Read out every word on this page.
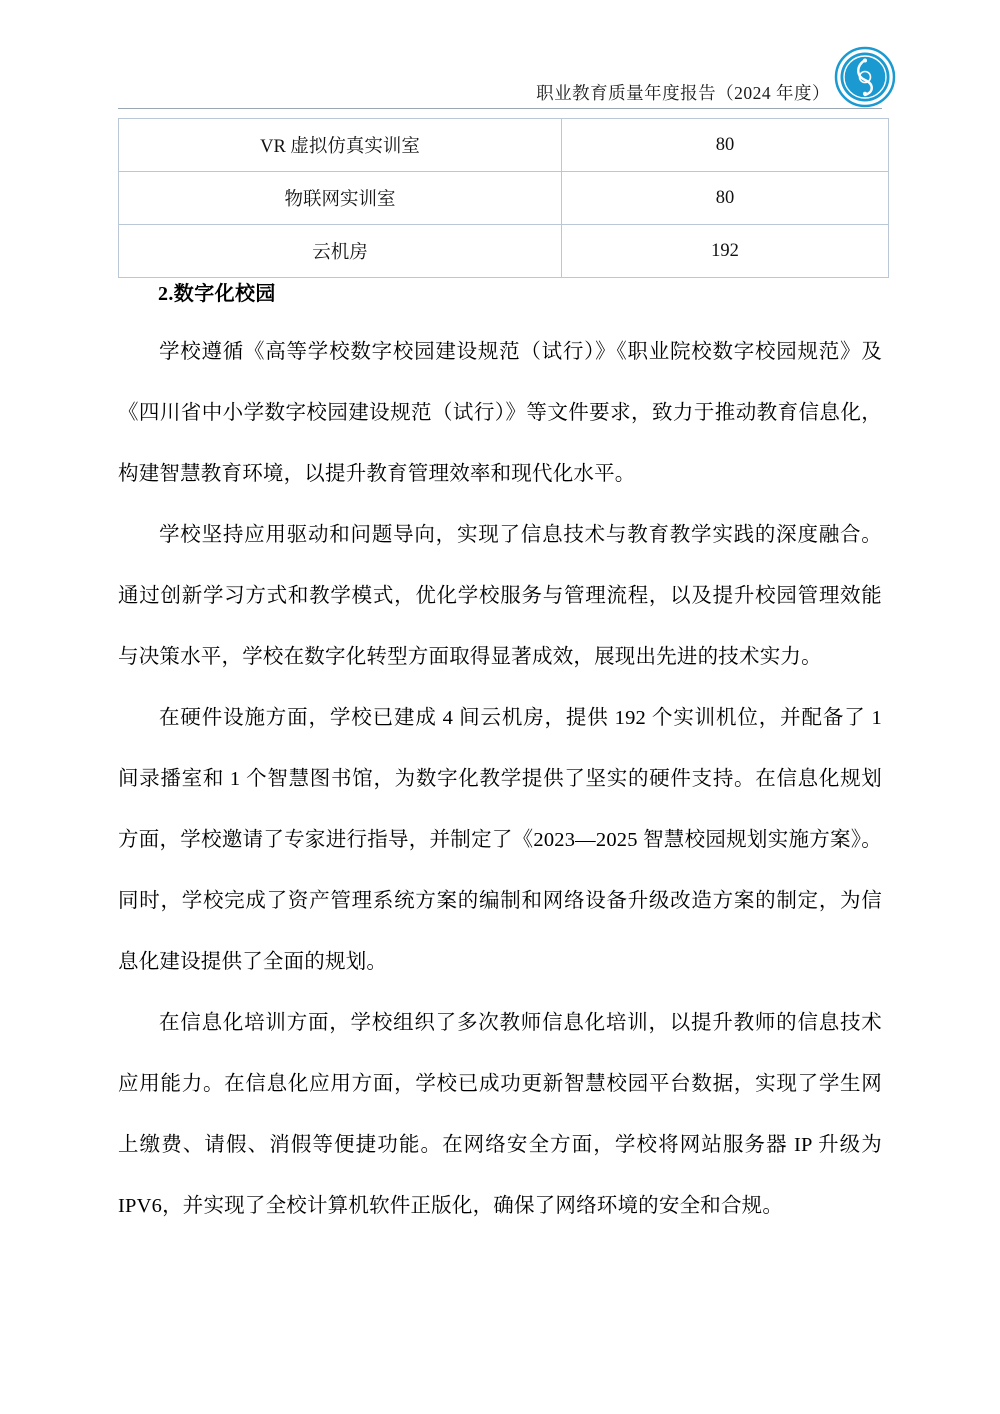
职业教育质量年度报告（2024 年度）
VR 虚拟仿真实训室	80
物联网实训室	80
云机房	192
2.数字化校园

学校遵循《高等学校数字校园建设规范（试行）》《职业院校数字校园规范》及《四川省中小学数字校园建设规范（试行）》等文件要求，致力于推动教育信息化，构建智慧教育环境，以提升教育管理效率和现代化水平。

学校坚持应用驱动和问题导向，实现了信息技术与教育教学实践的深度融合。通过创新学习方式和教学模式，优化学校服务与管理流程，以及提升校园管理效能与决策水平，学校在数字化转型方面取得显著成效，展现出先进的技术实力。

在硬件设施方面，学校已建成 4 间云机房，提供 192 个实训机位，并配备了 1 间录播室和 1 个智慧图书馆，为数字化教学提供了坚实的硬件支持。在信息化规划方面，学校邀请了专家进行指导，并制定了《2023—2025 智慧校园规划实施方案》。同时，学校完成了资产管理系统方案的编制和网络设备升级改造方案的制定，为信息化建设提供了全面的规划。

在信息化培训方面，学校组织了多次教师信息化培训，以提升教师的信息技术应用能力。在信息化应用方面，学校已成功更新智慧校园平台数据，实现了学生网上缴费、请假、消假等便捷功能。在网络安全方面，学校将网站服务器 IP 升级为 IPV6，并实现了全校计算机软件正版化，确保了网络环境的安全和合规。
